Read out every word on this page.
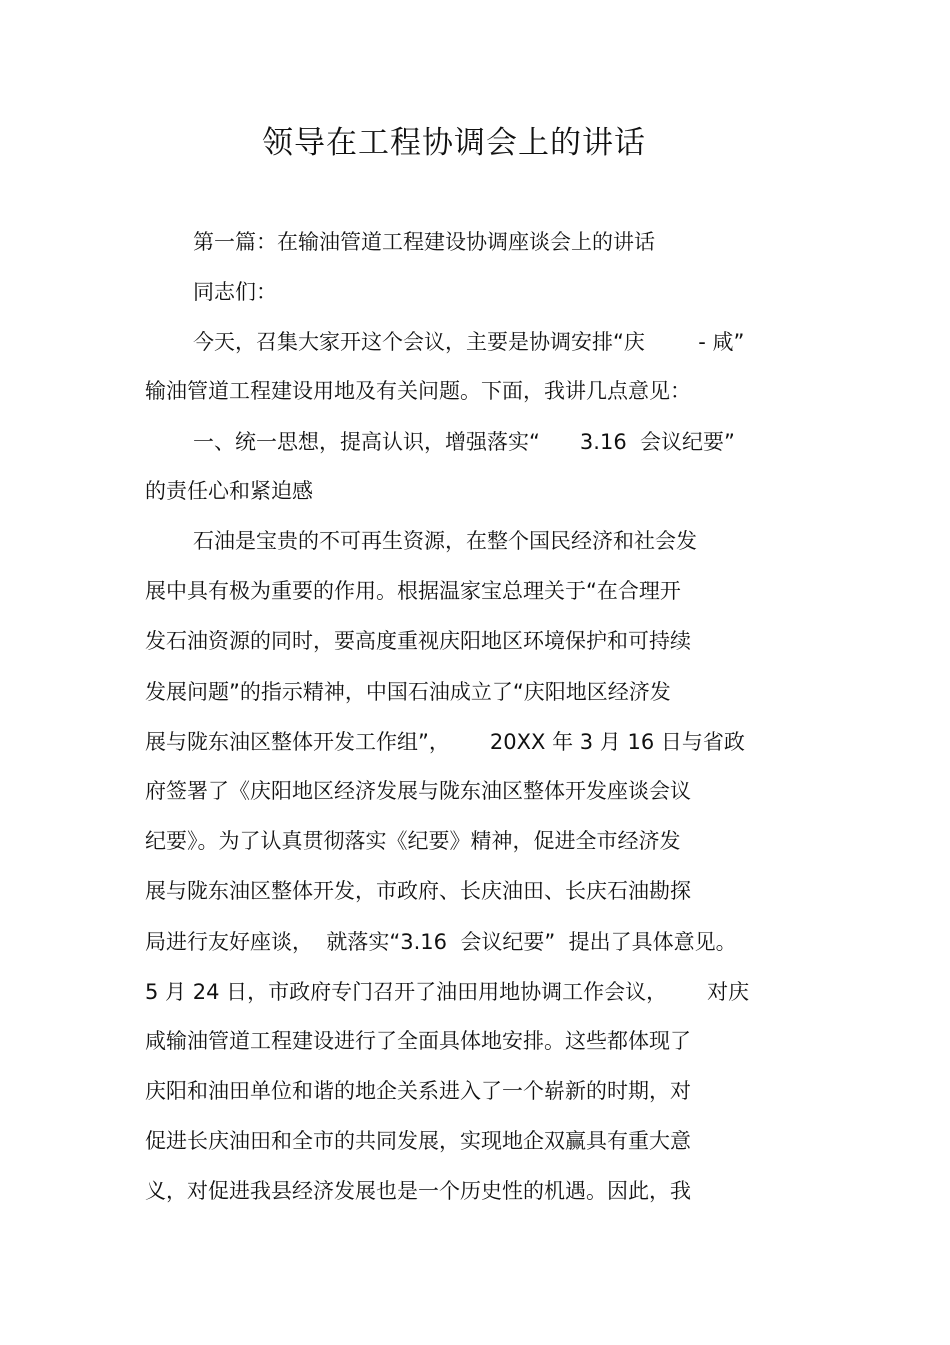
领导在工程协调会上的讲话

第一篇：在输油管道工程建设协调座谈会上的讲话

同志们：

今天，召集大家开这个会议，主要是协调安排“庆        - 咸”

输油管道工程建设用地及有关问题。下面，我讲几点意见：

一、统一思想，提高认识，增强落实“      3.16  会议纪要”

的责任心和紧迫感

石油是宝贵的不可再生资源，在整个国民经济和社会发

展中具有极为重要的作用。根据温家宝总理关于“在合理开

发石油资源的同时，要高度重视庆阳地区环境保护和可持续

发展问题”的指示精神，中国石油成立了“庆阳地区经济发

展与陇东油区整体开发工作组”，      20XX 年 3 月 16 日与省政

府签署了《庆阳地区经济发展与陇东油区整体开发座谈会议

纪要》。为了认真贯彻落实《纪要》精神，促进全市经济发

展与陇东油区整体开发，市政府、长庆油田、长庆石油勘探

局进行友好座谈，  就落实“3.16  会议纪要”  提出了具体意见。

5 月 24 日，市政府专门召开了油田用地协调工作会议，      对庆

咸输油管道工程建设进行了全面具体地安排。这些都体现了

庆阳和油田单位和谐的地企关系进入了一个崭新的时期，对

促进长庆油田和全市的共同发展，实现地企双赢具有重大意

义，对促进我县经济发展也是一个历史性的机遇。因此，我
